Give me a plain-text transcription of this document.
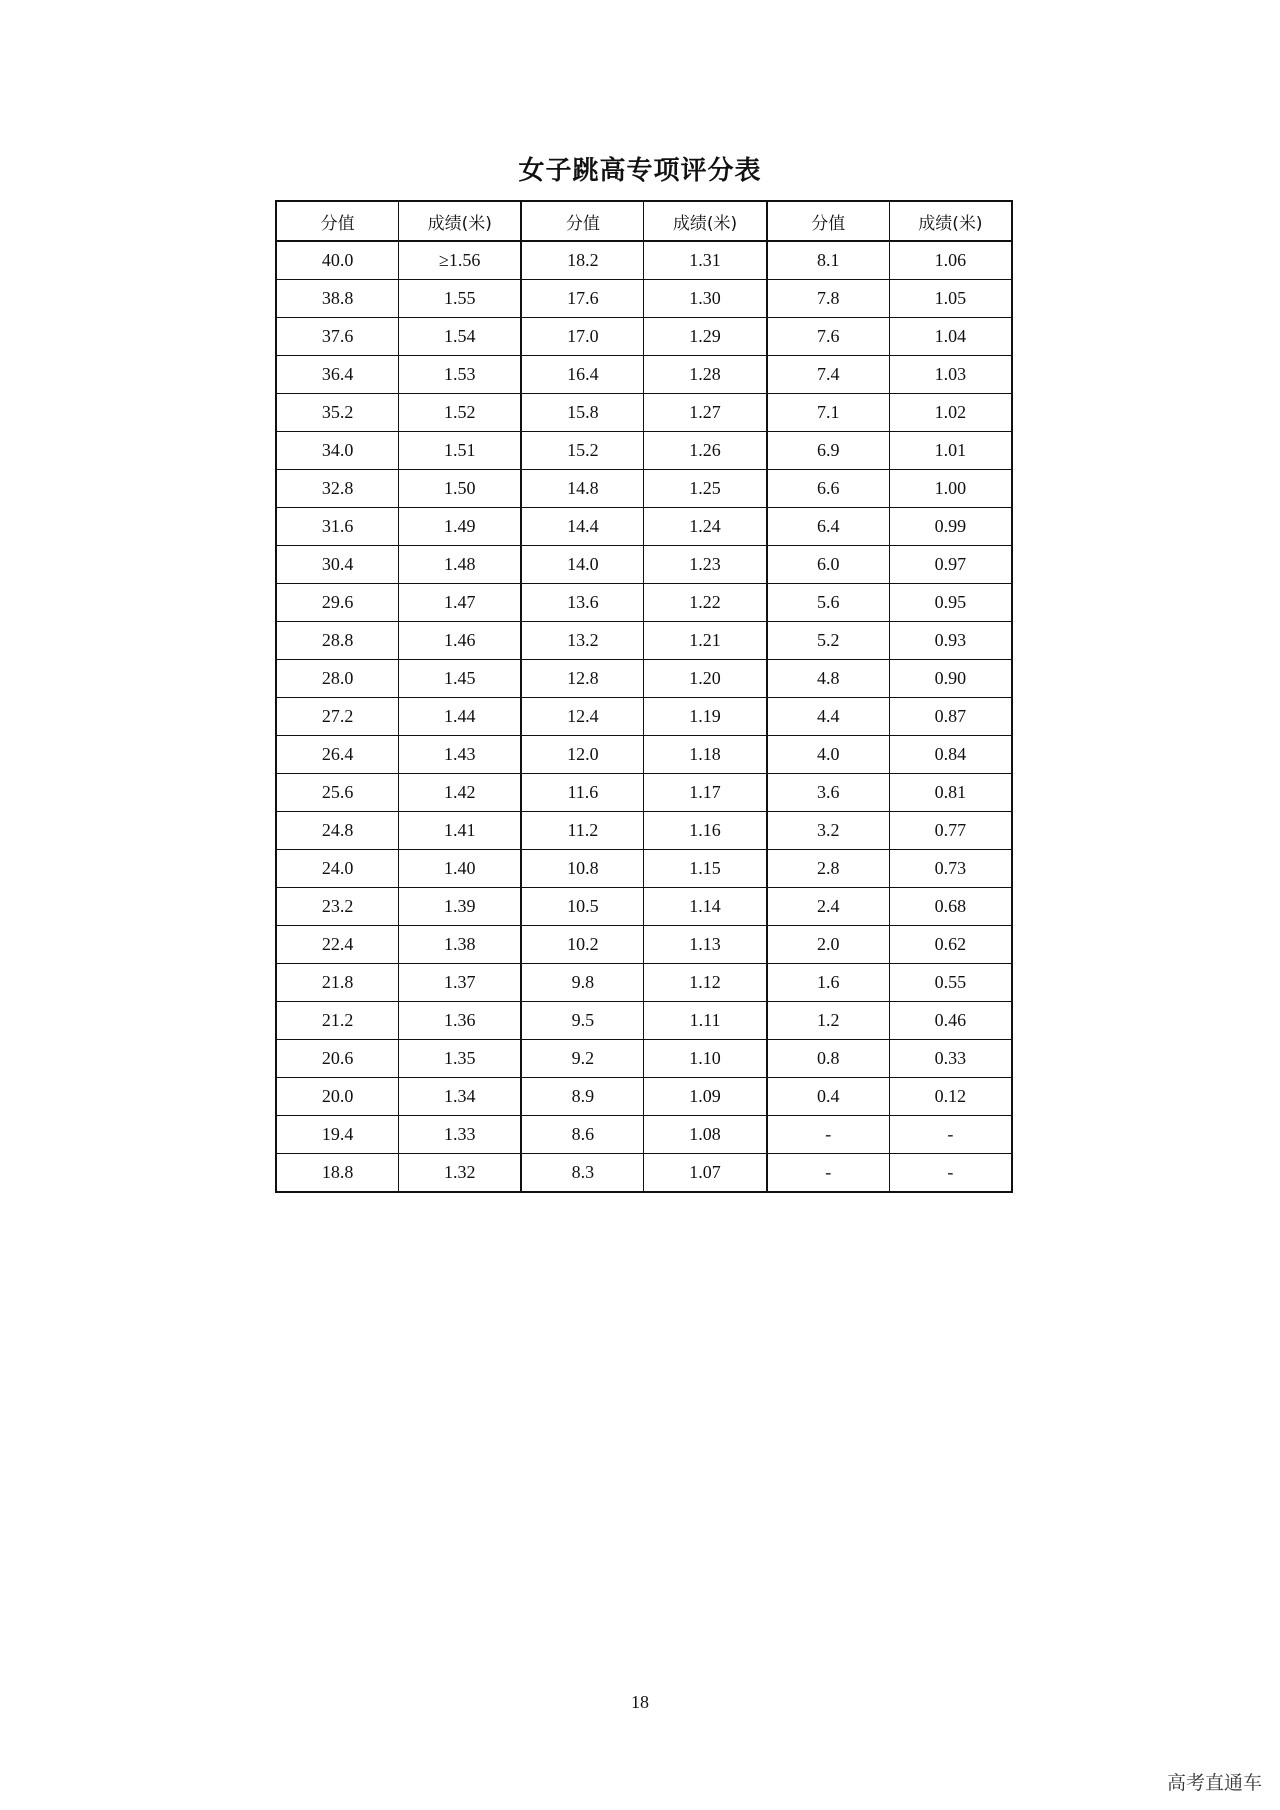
女子跳高专项评分表
分值	成绩(米)	分值	成绩(米)	分值	成绩(米)
40.0	≥1.56	18.2	1.31	8.1	1.06
38.8	1.55	17.6	1.30	7.8	1.05
37.6	1.54	17.0	1.29	7.6	1.04
36.4	1.53	16.4	1.28	7.4	1.03
35.2	1.52	15.8	1.27	7.1	1.02
34.0	1.51	15.2	1.26	6.9	1.01
32.8	1.50	14.8	1.25	6.6	1.00
31.6	1.49	14.4	1.24	6.4	0.99
30.4	1.48	14.0	1.23	6.0	0.97
29.6	1.47	13.6	1.22	5.6	0.95
28.8	1.46	13.2	1.21	5.2	0.93
28.0	1.45	12.8	1.20	4.8	0.90
27.2	1.44	12.4	1.19	4.4	0.87
26.4	1.43	12.0	1.18	4.0	0.84
25.6	1.42	11.6	1.17	3.6	0.81
24.8	1.41	11.2	1.16	3.2	0.77
24.0	1.40	10.8	1.15	2.8	0.73
23.2	1.39	10.5	1.14	2.4	0.68
22.4	1.38	10.2	1.13	2.0	0.62
21.8	1.37	9.8	1.12	1.6	0.55
21.2	1.36	9.5	1.11	1.2	0.46
20.6	1.35	9.2	1.10	0.8	0.33
20.0	1.34	8.9	1.09	0.4	0.12
19.4	1.33	8.6	1.08	-	-
18.8	1.32	8.3	1.07	-	-
18
高考直通车
